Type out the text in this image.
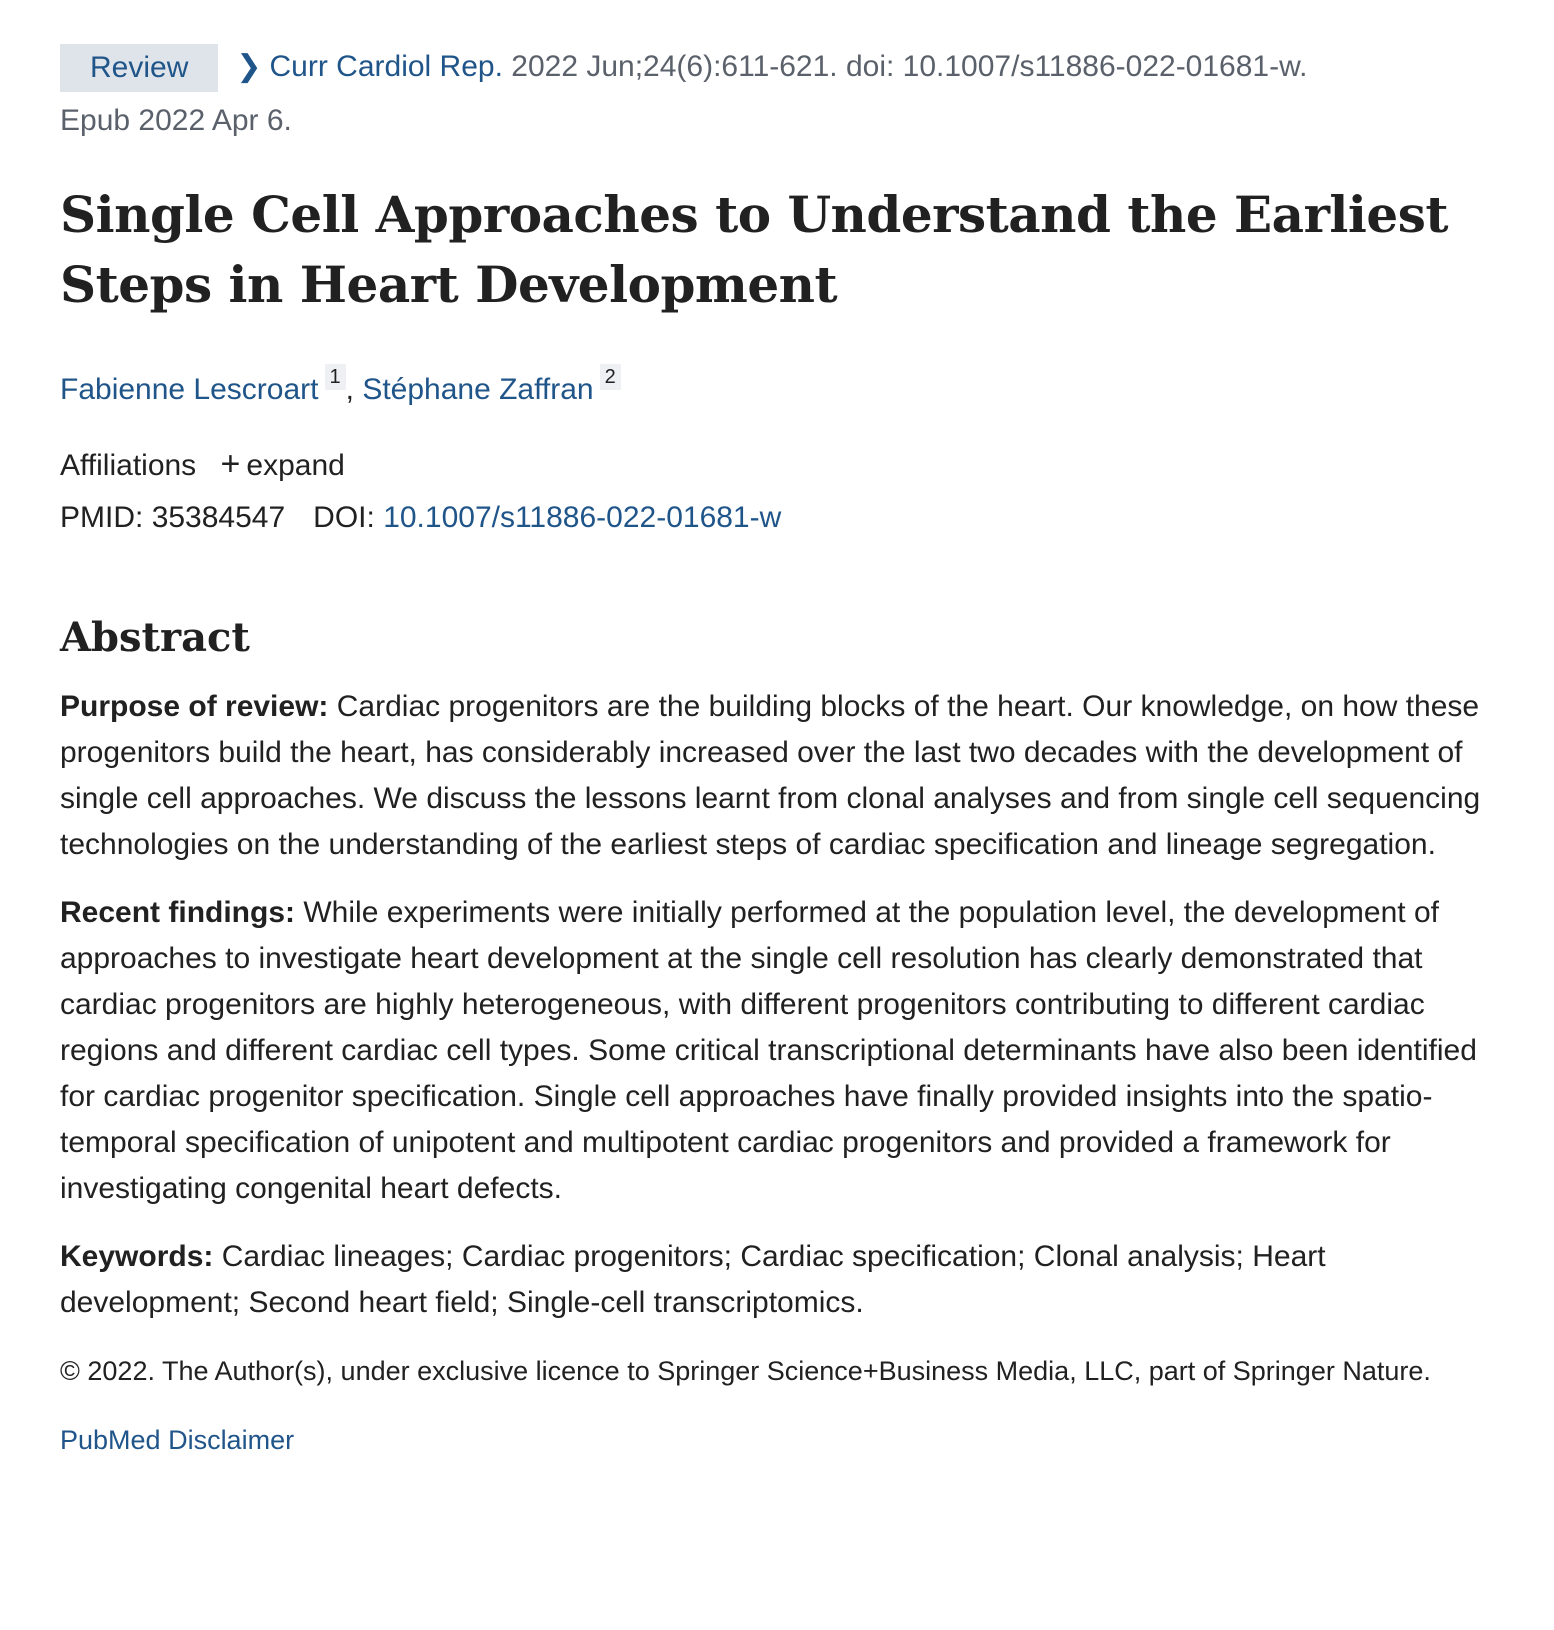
Review ❯ Curr Cardiol Rep. 2022 Jun;24(6):611-621. doi: 10.1007/s11886-022-01681-w.
Epub 2022 Apr 6.
Single Cell Approaches to Understand the Earliest Steps in Heart Development
Fabienne Lescroart $^1$ , Stéphane Zaffran $^2$
Affiliations + expand
PMID: 35384547 DOI: 10.1007/s11886-022-01681-w
Abstract

Purpose of review: Cardiac progenitors are the building blocks of the heart. Our knowledge, on how these progenitors build the heart, has considerably increased over the last two decades with the development of single cell approaches. We discuss the lessons learnt from clonal analyses and from single cell sequencing technologies on the understanding of the earliest steps of cardiac specification and lineage segregation.

Recent findings: While experiments were initially performed at the population level, the development of approaches to investigate heart development at the single cell resolution has clearly demonstrated that cardiac progenitors are highly heterogeneous, with different progenitors contributing to different cardiac regions and different cardiac cell types. Some critical transcriptional determinants have also been identified for cardiac progenitor specification. Single cell approaches have finally provided insights into the spatio-temporal specification of unipotent and multipotent cardiac progenitors and provided a framework for investigating congenital heart defects.

Keywords: Cardiac lineages; Cardiac progenitors; Cardiac specification; Clonal analysis; Heart development; Second heart field; Single-cell transcriptomics.

© 2022. The Author(s), under exclusive licence to Springer Science+Business Media, LLC, part of Springer Nature.
PubMed Disclaimer
